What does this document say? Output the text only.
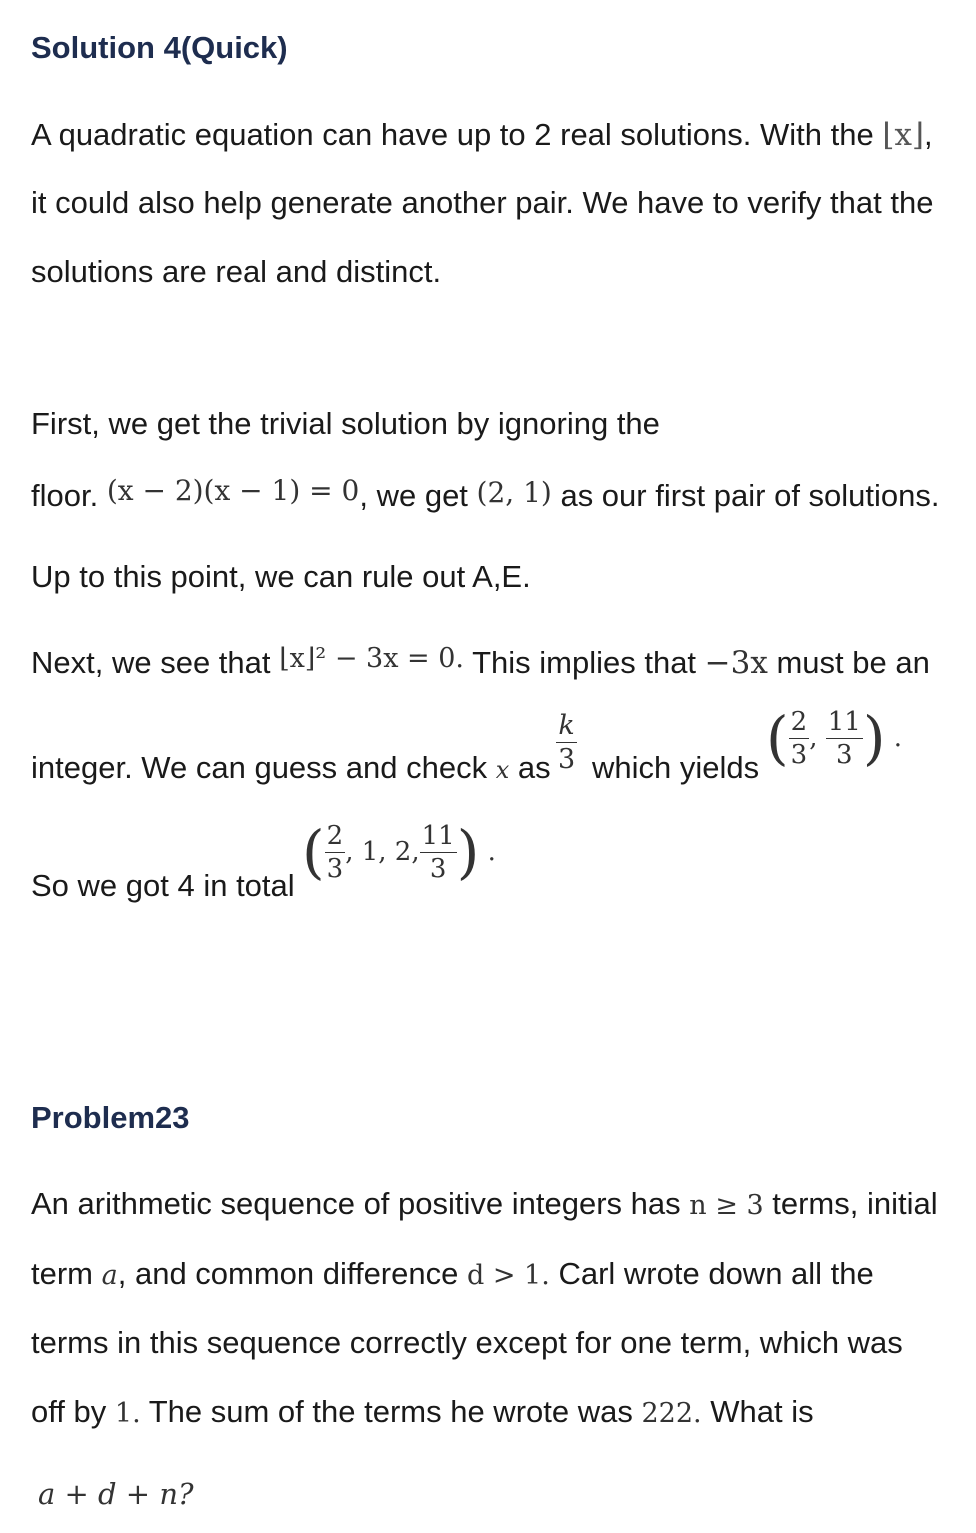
Solution 4(Quick)
A quadratic equation can have up to 2 real solutions. With the ⌊x⌋,
it could also help generate another pair. We have to verify that the
solutions are real and distinct.
First, we get the trivial solution by ignoring the
floor. (x − 2)(x − 1) = 0, we get (2, 1) as our first pair of solutions.
Up to this point, we can rule out A,E.
Next, we see that ⌊x⌋² − 3x = 0. This implies that −3x must be an
integer. We can guess and check x as $\frac{k}{3}$ which yields ( $\frac{2}{3}$ , $\frac{11}{3}$ ) .
So we got 4 in total ( $\frac{2}{3}$ , 1, 2, $\frac{11}{3}$ ) .
Problem23
An arithmetic sequence of positive integers has n ≥ 3 terms, initial
term a, and common difference d > 1. Carl wrote down all the
terms in this sequence correctly except for one term, which was
off by 1. The sum of the terms he wrote was 222. What is
a + d + n?
